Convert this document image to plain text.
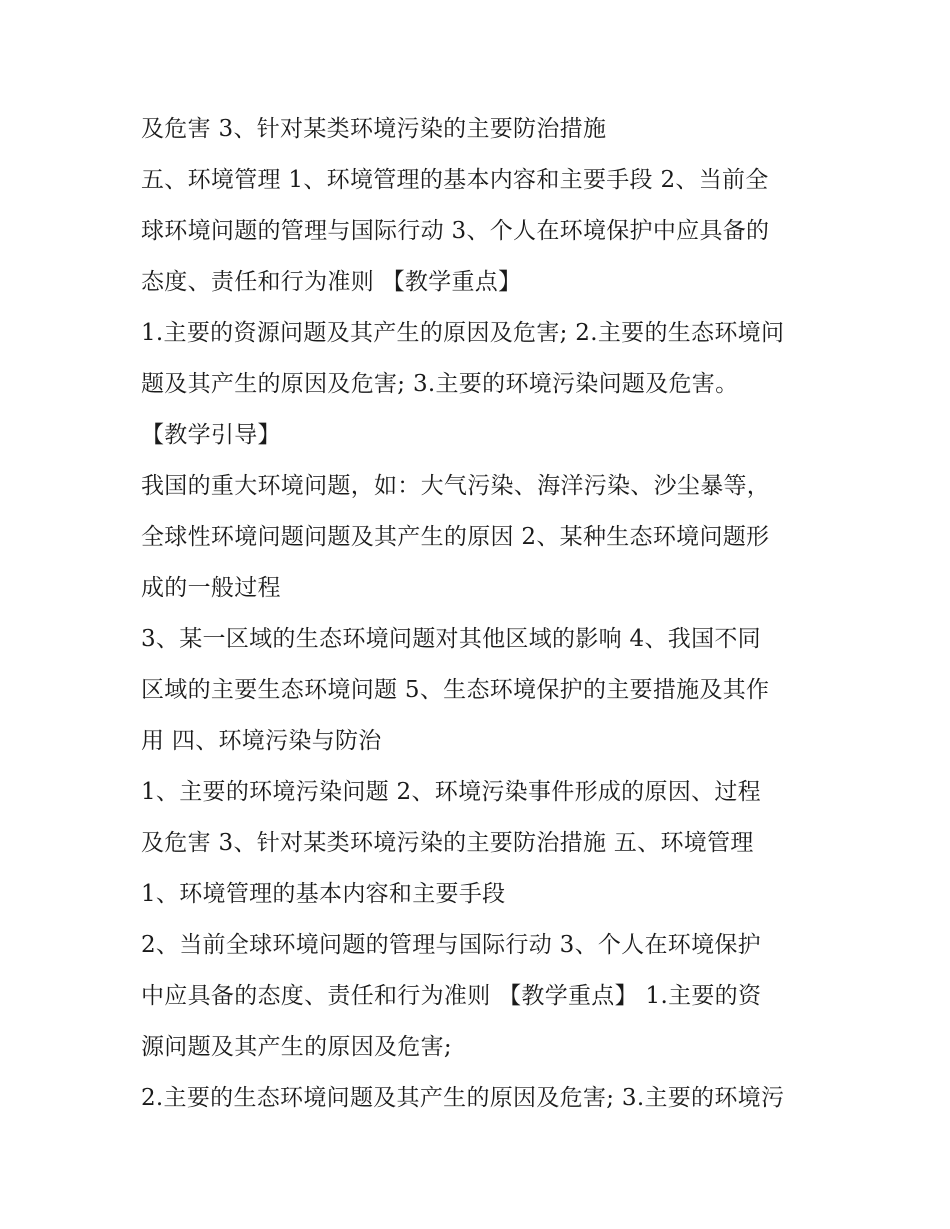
及危害 3、针对某类环境污染的主要防治措施
五、环境管理 1、环境管理的基本内容和主要手段 2、当前全
球环境问题的管理与国际行动 3、个人在环境保护中应具备的
态度、责任和行为准则 【教学重点】
1.主要的资源问题及其产生的原因及危害; 2.主要的生态环境问
题及其产生的原因及危害; 3.主要的环境污染问题及危害。
【教学引导】
我国的重大环境问题，如：大气污染、海洋污染、沙尘暴等，
全球性环境问题问题及其产生的原因 2、某种生态环境问题形
成的一般过程
3、某一区域的生态环境问题对其他区域的影响 4、我国不同
区域的主要生态环境问题 5、生态环境保护的主要措施及其作
用 四、环境污染与防治
1、主要的环境污染问题 2、环境污染事件形成的原因、过程
及危害 3、针对某类环境污染的主要防治措施 五、环境管理
1、环境管理的基本内容和主要手段
2、当前全球环境问题的管理与国际行动 3、个人在环境保护
中应具备的态度、责任和行为准则 【教学重点】 1.主要的资
源问题及其产生的原因及危害;
2.主要的生态环境问题及其产生的原因及危害; 3.主要的环境污
